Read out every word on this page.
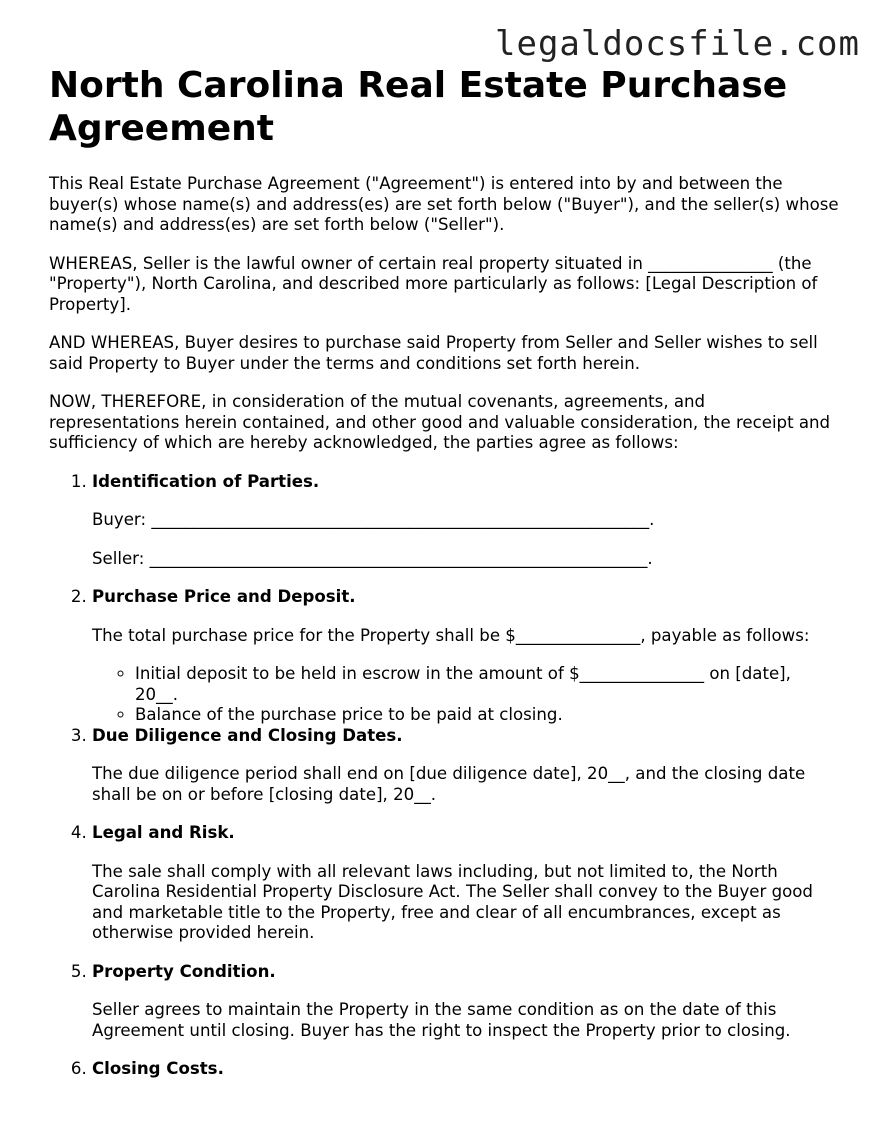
legaldocsfile.com
North Carolina Real Estate Purchase Agreement

This Real Estate Purchase Agreement ("Agreement") is entered into by and between the buyer(s) whose name(s) and address(es) are set forth below ("Buyer"), and the seller(s) whose name(s) and address(es) are set forth below ("Seller").

WHEREAS, Seller is the lawful owner of certain real property situated in _______________ (the "Property"), North Carolina, and described more particularly as follows: [Legal Description of Property].

AND WHEREAS, Buyer desires to purchase said Property from Seller and Seller wishes to sell said Property to Buyer under the terms and conditions set forth herein.

NOW, THEREFORE, in consideration of the mutual covenants, agreements, and representations herein contained, and other good and valuable consideration, the receipt and sufficiency of which are hereby acknowledged, the parties agree as follows:

1. Identification of Parties.

Buyer: ____________________________________________________________.

Seller: ____________________________________________________________.

2. Purchase Price and Deposit.

The total purchase price for the Property shall be $_______________, payable as follows:

◦ Initial deposit to be held in escrow in the amount of $_______________ on [date], 20__.
◦ Balance of the purchase price to be paid at closing.
3. Due Diligence and Closing Dates.

The due diligence period shall end on [due diligence date], 20__, and the closing date shall be on or before [closing date], 20__.

4. Legal and Risk.

The sale shall comply with all relevant laws including, but not limited to, the North Carolina Residential Property Disclosure Act. The Seller shall convey to the Buyer good and marketable title to the Property, free and clear of all encumbrances, except as otherwise provided herein.

5. Property Condition.

Seller agrees to maintain the Property in the same condition as on the date of this Agreement until closing. Buyer has the right to inspect the Property prior to closing.

6. Closing Costs.
